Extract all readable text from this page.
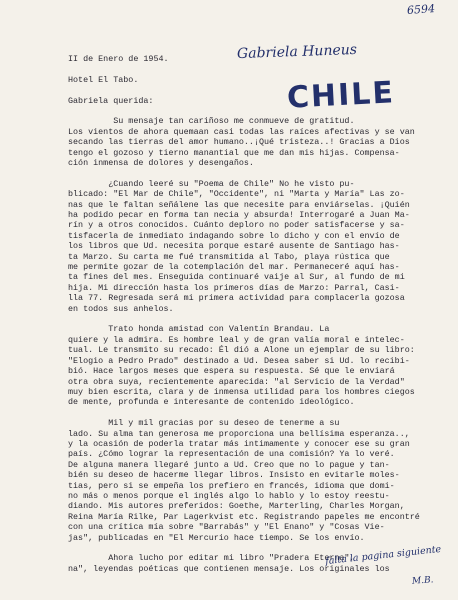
6594
Gabriela Huneus
CHILE
II de Enero de 1954.
Hotel El Tabo.
Gabriela querida:
Su mensaje tan cariñoso me conmueve de gratitud.
Los vientos de ahora quemaan casi todas las raíces afectivas y se van
secando las tierras del amor humano..¡Qué tristeza..! Gracias a Dios
tengo el gozoso y tierno manantial que me dan mis hijas. Compensa-
ción inmensa de dolores y desengaños.
¿Cuando leeré su "Poema de Chile" No he visto pu-
blicado: "El Mar de Chile", "Occidente", ni "Marta y María" Las zo-
nas que le faltan señálene las que necesite para enviárselas. ¡Quién
ha podido pecar en forma tan necia y absurda! Interrogaré a Juan Ma-
rín y a otros conocidos. Cuánto deploro no poder satisfacerse y sa-
tisfacerla de inmediato indagando sobre lo dicho y con el envío de
los libros que Ud. necesita porque estaré ausente de Santiago has-
ta Marzo. Su carta me fué transmitida al Tabo, playa rústica que
me permite gozar de la cotemplación del mar. Permaneceré aquí has-
ta fines del mes. Enseguida continuaré vaije al Sur, al fundo de mi
hija. Mi dirección hasta los primeros días de Marzo: Parral, Casi-
lla 77. Regresada será mi primera actividad para complacerla gozosa
en todos sus anhelos.
Trato honda amistad con Valentín Brandau. La
quiere y la admira. Es hombre leal y de gran valía moral e intelec-
tual. Le transmito su recado: Él dió a Alone un ejemplar de su libro:
"Elogio a Pedro Prado" destinado a Ud. Desea saber si Ud. lo recibi-
bió. Hace largos meses que espera su respuesta. Sé que le enviará
otra obra suya, recientemente aparecida: "al Servicio de la Verdad"
muy bien escrita, clara y de inmensa utilidad para los hombres ciegos
de mente, profunda e interesante de contenido ideológico.
Mil y mil gracias por su deseo de tenerme a su
lado. Su alma tan generosa me proporciona una bellísima esperanza..,
y la ocasión de poderla tratar más intimamente y conocer ese su gran
país. ¿Cómo lograr la representación de una comisión? Ya lo veré.
De alguna manera llegaré junto a Ud. Creo que no lo pague y tan-
bién su deseo de hacerme llegar libros. Insisto en evitarle moles-
tias, pero si se empeña los prefiero en francés, idioma que domi-
no más o menos porque el inglés algo lo hablo y lo estoy reestu-
diando. Mis autores preferidos: Goethe, Marterling, Charles Morgan,
Reina María Rilke, Par Lagerkvist etc. Registrando papeles me encontré
con una crítica mía sobre "Barrabás" y "El Enano" y "Cosas Vie-
jas", publicadas en "El Mercurio hace tiempo. Se los envío.
Ahora lucho por editar mi libro "Pradera Eterna",
na", leyendas poéticas que contienen mensaje. Los originales los
falta la pagina siguiente
M.B.
